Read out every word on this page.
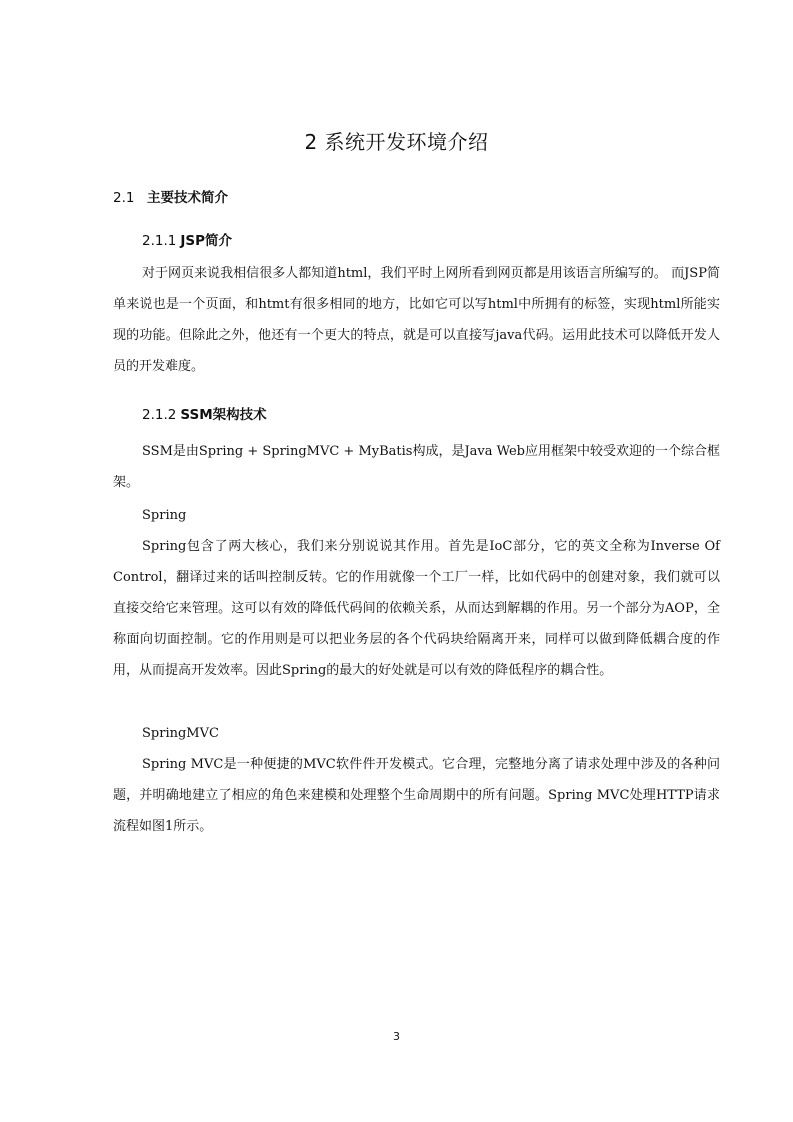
2 系统开发环境介绍
2.1 主要技术简介
2.1.1 JSP简介

对于网页来说我相信很多人都知道html，我们平时上网所看到网页都是用该语言所编写的。 而JSP简单来说也是一个页面，和htmt有很多相同的地方，比如它可以写html中所拥有的标签，实现html所能实现的功能。但除此之外，他还有一个更大的特点，就是可以直接写java代码。运用此技术可以降低开发人员的开发难度。

2.1.2 SSM架构技术

SSM是由Spring + SpringMVC + MyBatis构成，是Java Web应用框架中较受欢迎的一个综合框架。

Spring

Spring包含了两大核心，我们来分别说说其作用。首先是IoC部分，它的英文全称为Inverse Of Control，翻译过来的话叫控制反转。它的作用就像一个工厂一样，比如代码中的创建对象，我们就可以直接交给它来管理。这可以有效的降低代码间的依赖关系，从而达到解耦的作用。另一个部分为AOP，全称面向切面控制。它的作用则是可以把业务层的各个代码块给隔离开来，同样可以做到降低耦合度的作用，从而提高开发效率。因此Spring的最大的好处就是可以有效的降低程序的耦合性。

SpringMVC

Spring MVC是一种便捷的MVC软件件开发模式。它合理，完整地分离了请求处理中涉及的各种问题，并明确地建立了相应的角色来建模和处理整个生命周期中的所有问题。Spring MVC处理HTTP请求流程如图1所示。

3
